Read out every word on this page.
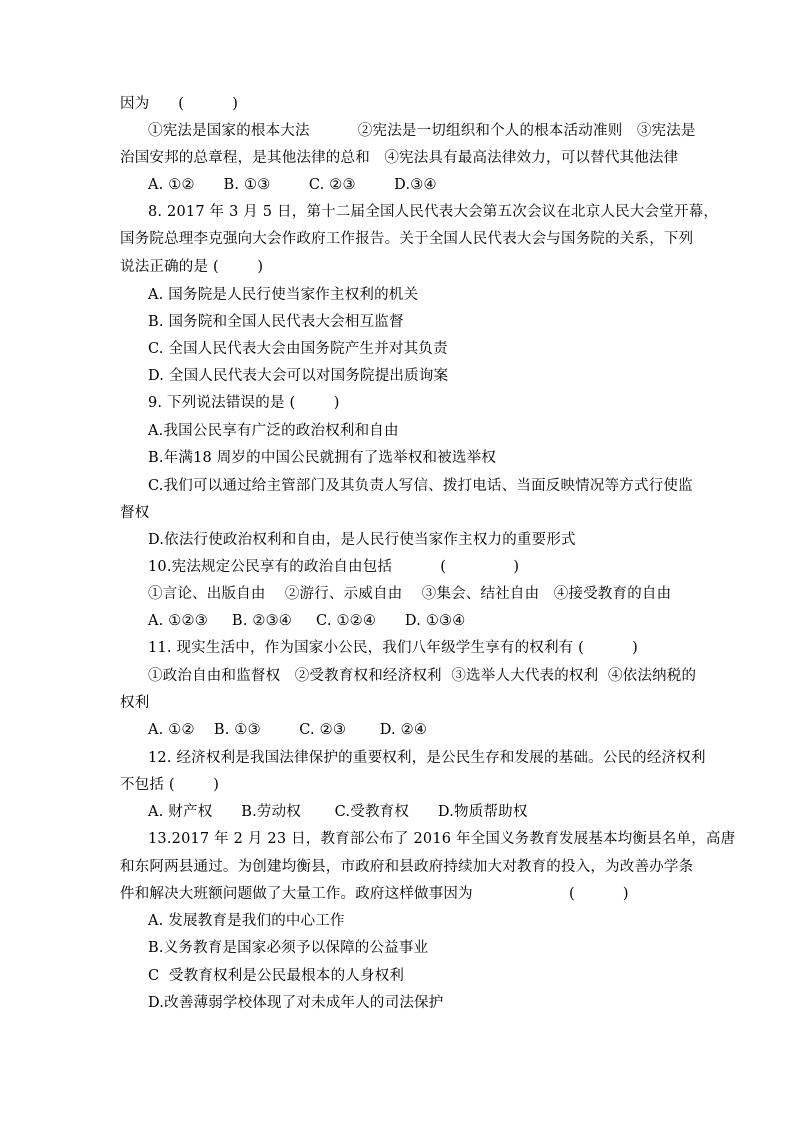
因为      (          )
①宪法是国家的根本大法          ②宪法是一切组织和个人的根本活动准则   ③宪法是
治国安邦的总章程，是其他法律的总和   ④宪法具有最高法律效力，可以替代其他法律
A. ①②      B. ①③        C. ②③        D.③④
8. 2017 年 3 月 5 日，第十二届全国人民代表大会第五次会议在北京人民大会堂开幕，
国务院总理李克强向大会作政府工作报告。关于全国人民代表大会与国务院的关系，下列
说法正确的是 (        )
A. 国务院是人民行使当家作主权利的机关
B. 国务院和全国人民代表大会相互监督
C. 全国人民代表大会由国务院产生并对其负责
D. 全国人民代表大会可以对国务院提出质询案
9. 下列说法错误的是 (        )
A.我国公民享有广泛的政治权利和自由
B.年满18 周岁的中国公民就拥有了选举权和被选举权
C.我们可以通过给主管部门及其负责人写信、拨打电话、当面反映情况等方式行使监
督权
D.依法行使政治权利和自由，是人民行使当家作主权力的重要形式
10.宪法规定公民享有的政治自由包括          (              )
①言论、出版自由    ②游行、示威自由    ③集会、结社自由   ④接受教育的自由
A. ①②③     B. ②③④     C. ①②④      D. ①③④
11. 现实生活中，作为国家小公民，我们八年级学生享有的权利有 (          )
①政治自由和监督权   ②受教育权和经济权利  ③选举人大代表的权利  ④依法纳税的
权利
A. ①②    B. ①③        C. ②③       D. ②④
12. 经济权利是我国法律保护的重要权利，是公民生存和发展的基础。公民的经济权利
不包括 (        )
A. 财产权      B.劳动权       C.受教育权      D.物质帮助权
13.2017 年 2 月 23 日，教育部公布了 2016 年全国义务教育发展基本均衡县名单，高唐
和东阿两县通过。为创建均衡县，市政府和县政府持续加大对教育的投入，为改善办学条
件和解决大班额问题做了大量工作。政府这样做事因为                    (          )
A. 发展教育是我们的中心工作
B.义务教育是国家必须予以保障的公益事业
C  受教育权利是公民最根本的人身权利
D.改善薄弱学校体现了对未成年人的司法保护
